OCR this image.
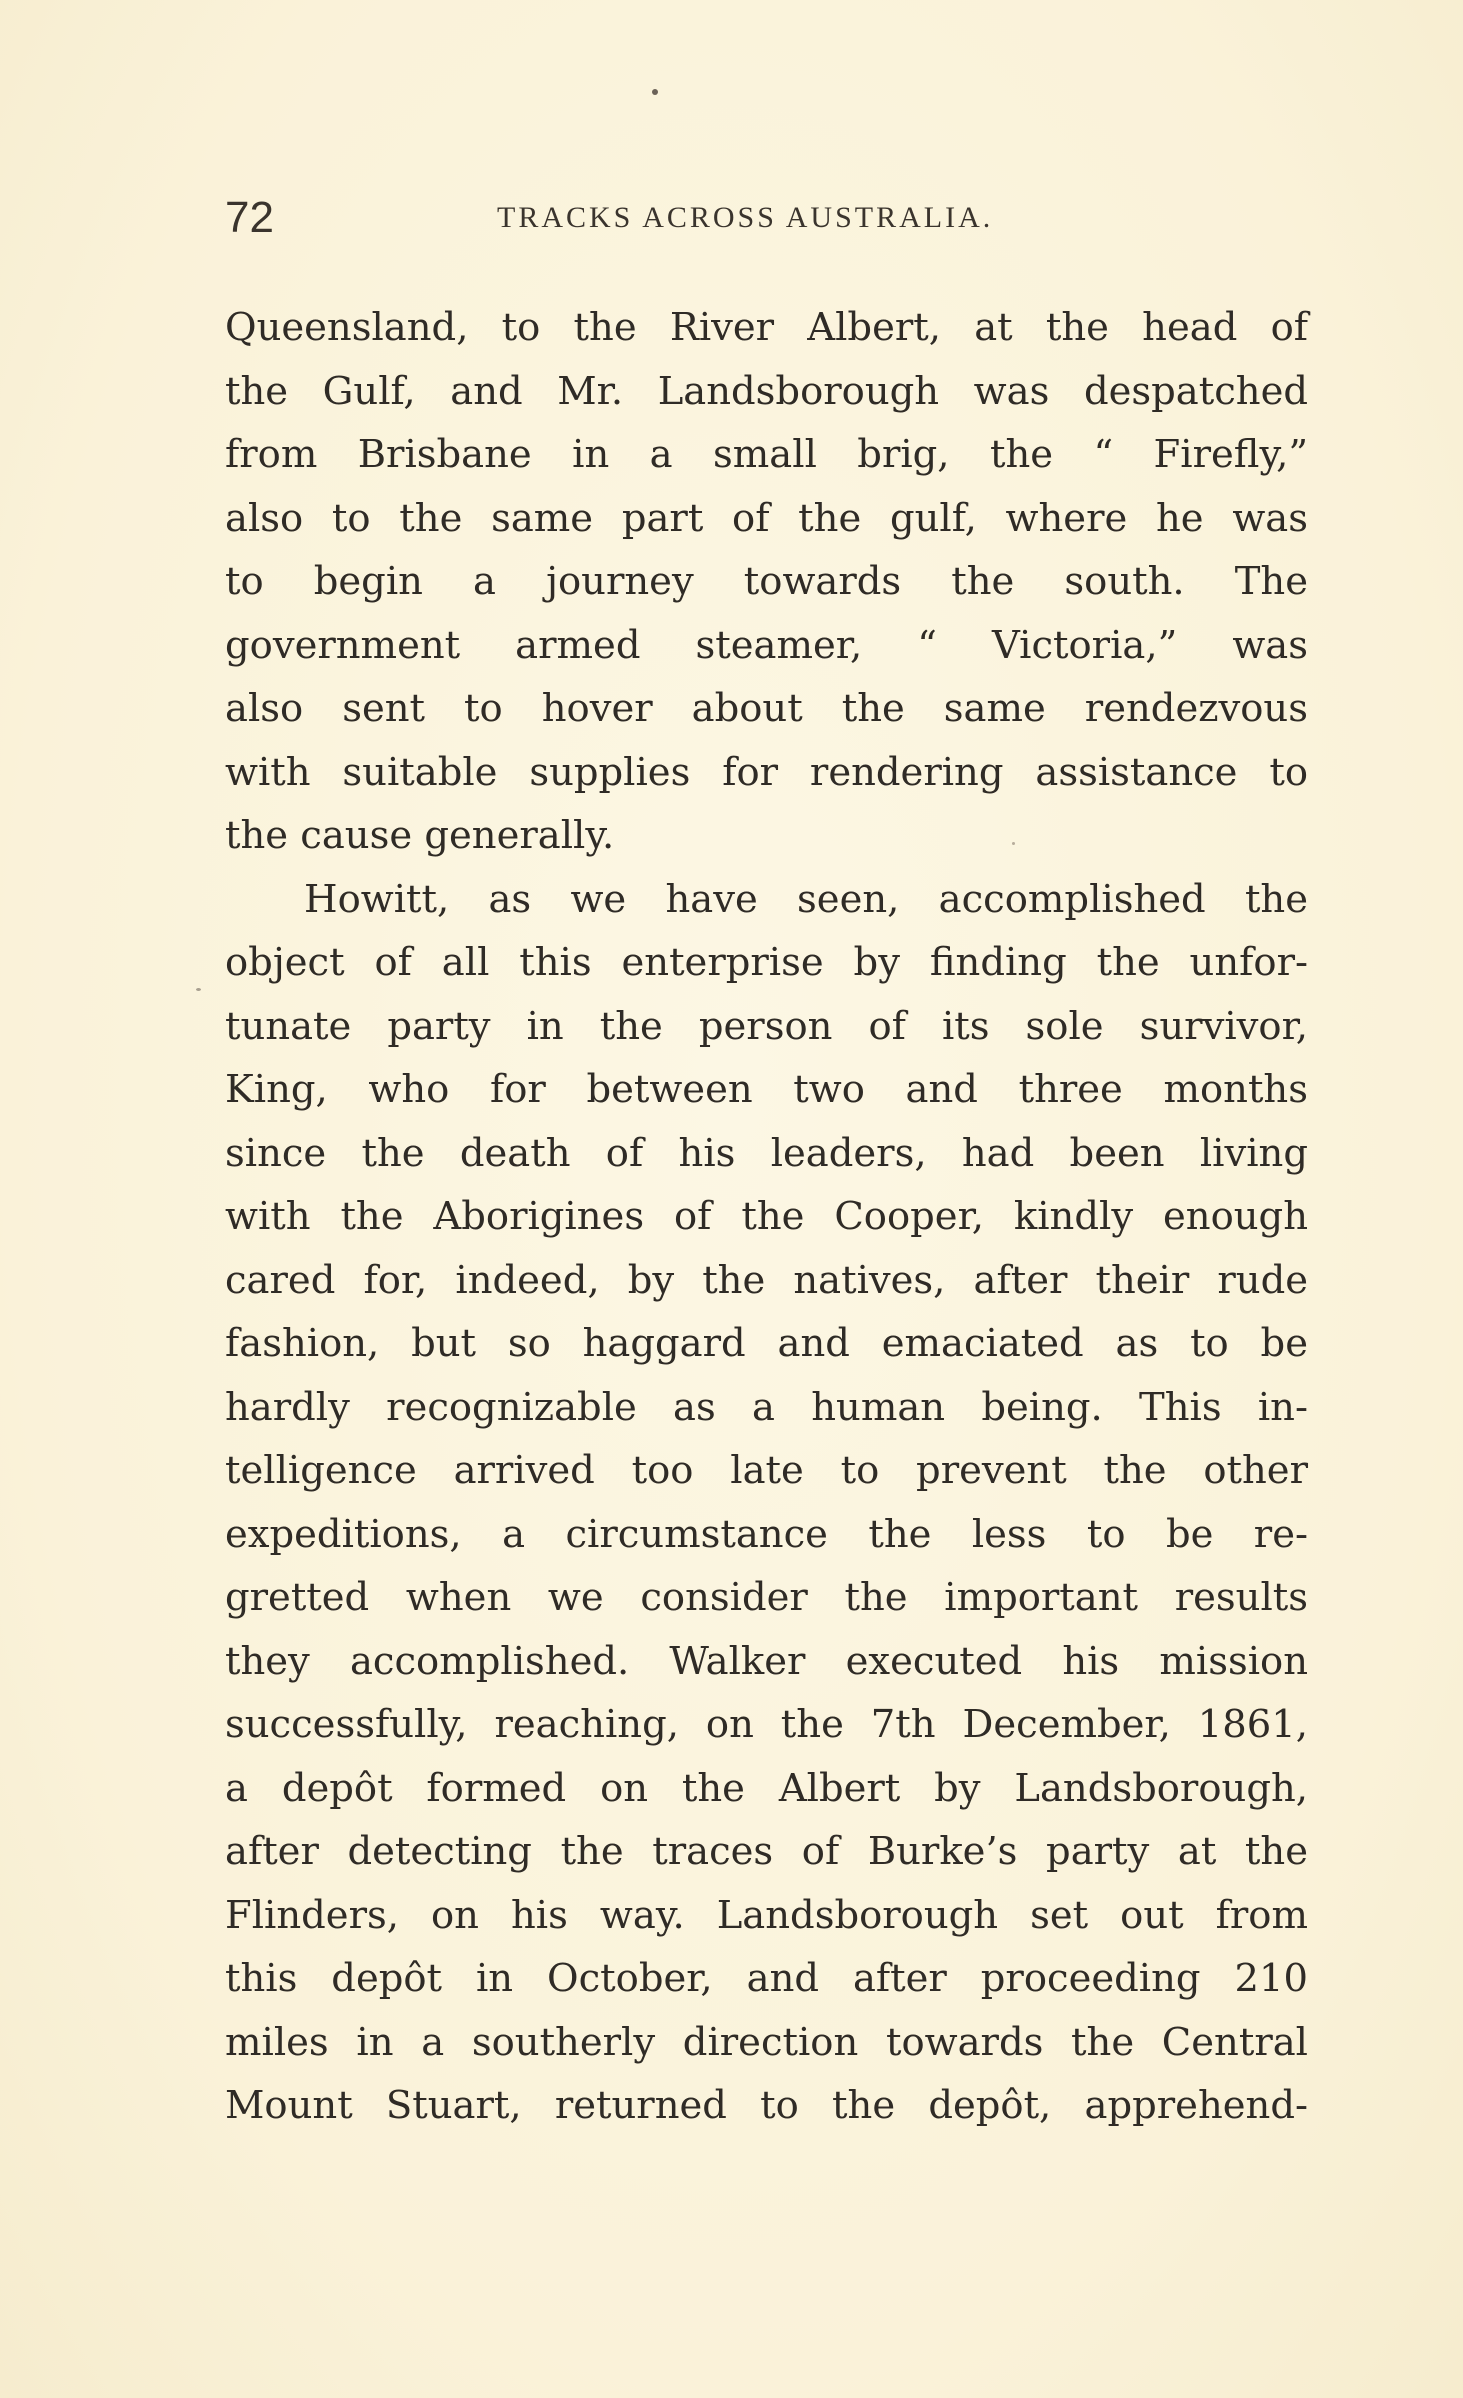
72	TRACKS ACROSS AUSTRALIA.
Queensland, to the River Albert, at the head of
the Gulf, and Mr. Landsborough was despatched
from Brisbane in a small brig, the “ Firefly,”
also to the same part of the gulf, where he was
to begin a journey towards the south. The
government armed steamer, “ Victoria,” was
also sent to hover about the same rendezvous
with suitable supplies for rendering assistance to
the cause generally.
Howitt, as we have seen, accomplished the
object of all this enterprise by finding the unfor-
tunate party in the person of its sole survivor,
King, who for between two and three months
since the death of his leaders, had been living
with the Aborigines of the Cooper, kindly enough
cared for, indeed, by the natives, after their rude
fashion, but so haggard and emaciated as to be
hardly recognizable as a human being. This in-
telligence arrived too late to prevent the other
expeditions, a circumstance the less to be re-
gretted when we consider the important results
they accomplished. Walker executed his mission
successfully, reaching, on the 7th December, 1861,
a depôt formed on the Albert by Landsborough,
after detecting the traces of Burke’s party at the
Flinders, on his way. Landsborough set out from
this depôt in October, and after proceeding 210
miles in a southerly direction towards the Central
Mount Stuart, returned to the depôt, apprehend-
